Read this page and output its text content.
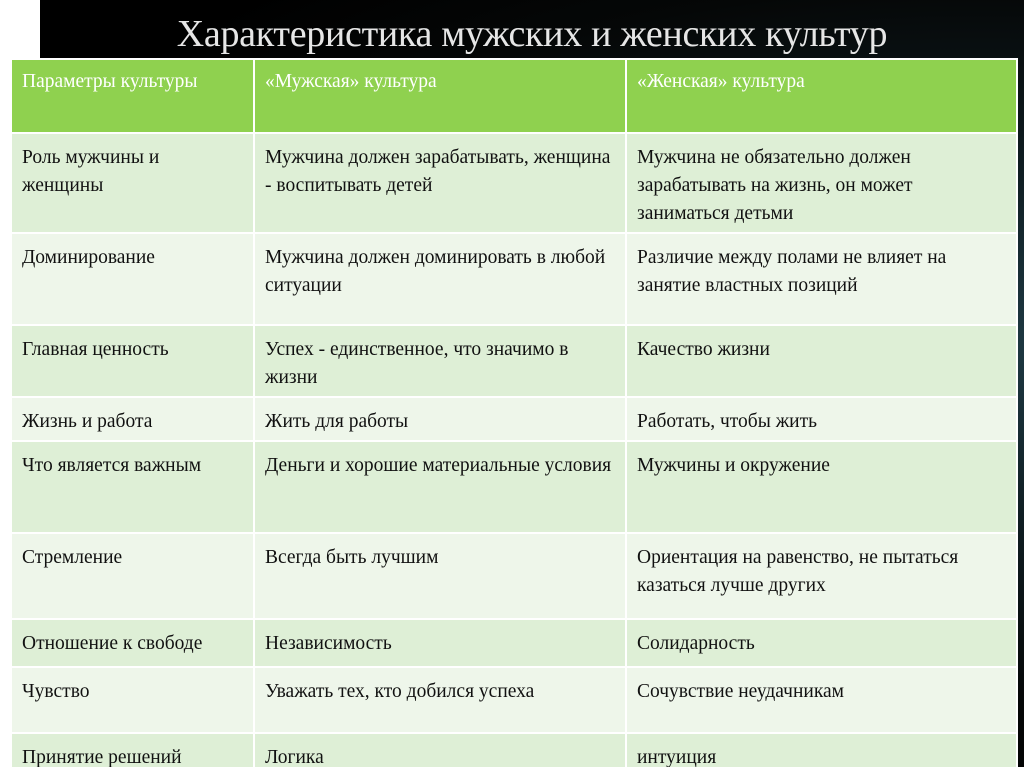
Характеристика мужских и женских культур
Параметры культуры	«Мужская» культура	«Женская» культура
Роль мужчины и женщины	Мужчина должен зарабатывать, женщина - воспитывать детей	Мужчина не обязательно должен зарабатывать на жизнь, он может заниматься детьми
Доминирование	Мужчина должен доминировать в любой ситуации	Различие между полами не влияет на занятие властных позиций
Главная ценность	Успех - единственное, что значимо в жизни	Качество жизни
Жизнь и работа	Жить для работы	Работать, чтобы жить
Что является важным	Деньги и хорошие материальные условия	Мужчины и окружение
Стремление	Всегда быть лучшим	Ориентация на равенство, не пытаться казаться лучше других
Отношение к свободе	Независимость	Солидарность
Чувство	Уважать тех, кто добился успеха	Сочувствие неудачникам
Принятие решений	Логика	интуиция
